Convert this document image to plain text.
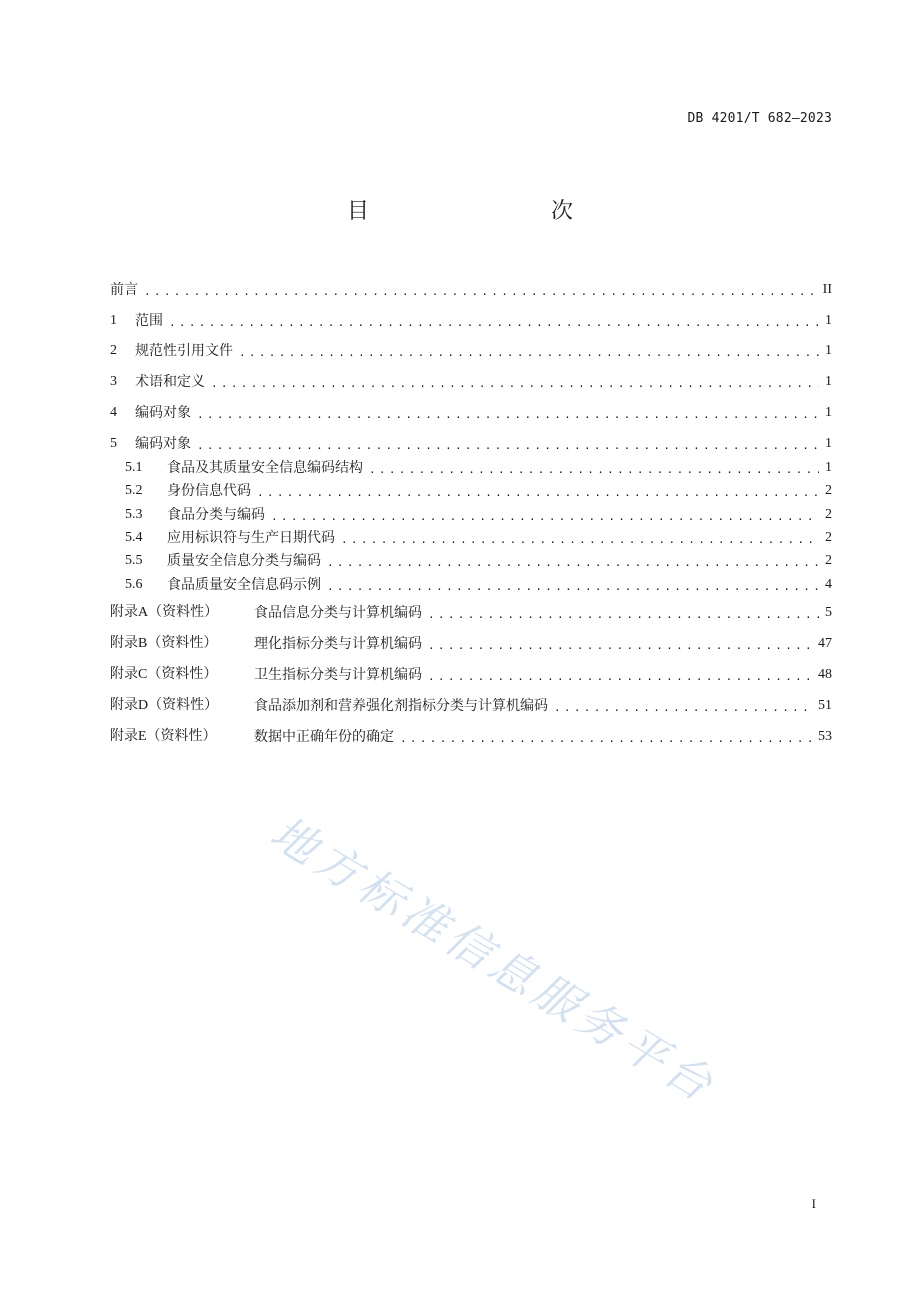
DB 4201/T 682—2023
目　　次
前言 .....	II
1	范围 .....	1
2	规范性引用文件 .....	1
3	术语和定义 .....	1
4	编码对象 .....	1
5	编码对象 .....	1
5.1	食品及其质量安全信息编码结构 .....	1
5.2	身份信息代码 .....	2
5.3	食品分类与编码 .....	2
5.4	应用标识符与生产日期代码 .....	2
5.5	质量安全信息分类与编码 .....	2
5.6	食品质量安全信息码示例 .....	4
附录A（资料性）	食品信息分类与计算机编码 .....	5
附录B（资料性）	理化指标分类与计算机编码 .....	47
附录C（资料性）	卫生指标分类与计算机编码 .....	48
附录D（资料性）	食品添加剂和营养强化剂指标分类与计算机编码 .....	51
附录E（资料性）	数据中正确年份的确定 .....	53
地方标准信息服务平台
I
